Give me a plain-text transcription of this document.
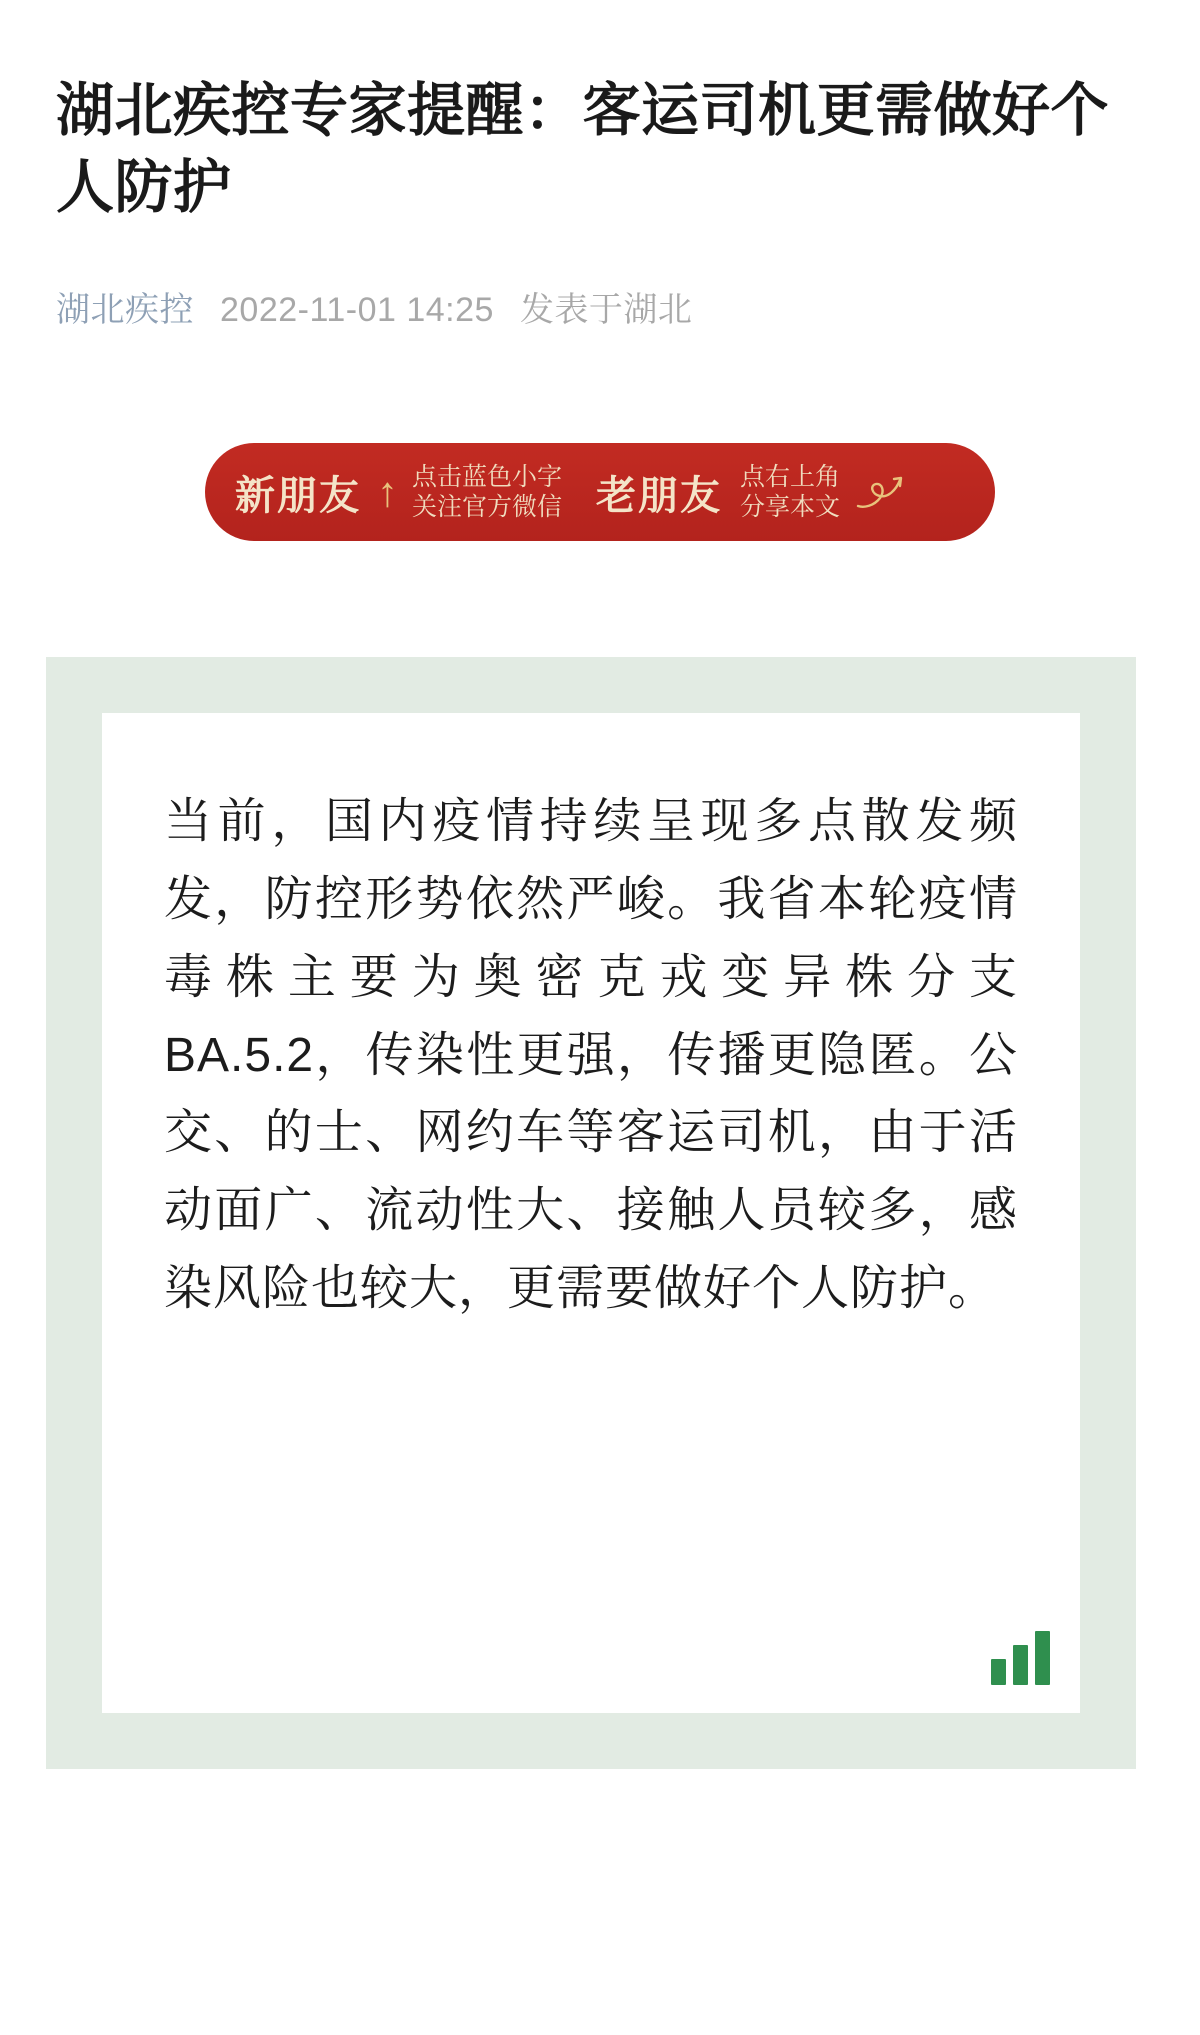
湖北疾控专家提醒：客运司机更需做好个人防护
湖北疾控 2022-11-01 14:25 发表于湖北
新朋友 ↑ 点击蓝色小字
关注官方微信 老朋友 点右上角
分享本文

当前，国内疫情持续呈现多点散发频发，防控形势依然严峻。我省本轮疫情毒株主要为奥密克戎变异株分支BA.5.2，传染性更强，传播更隐匿。公交、的士、网约车等客运司机，由于活动面广、流动性大、接触人员较多，感染风险也较大，更需要做好个人防护。
